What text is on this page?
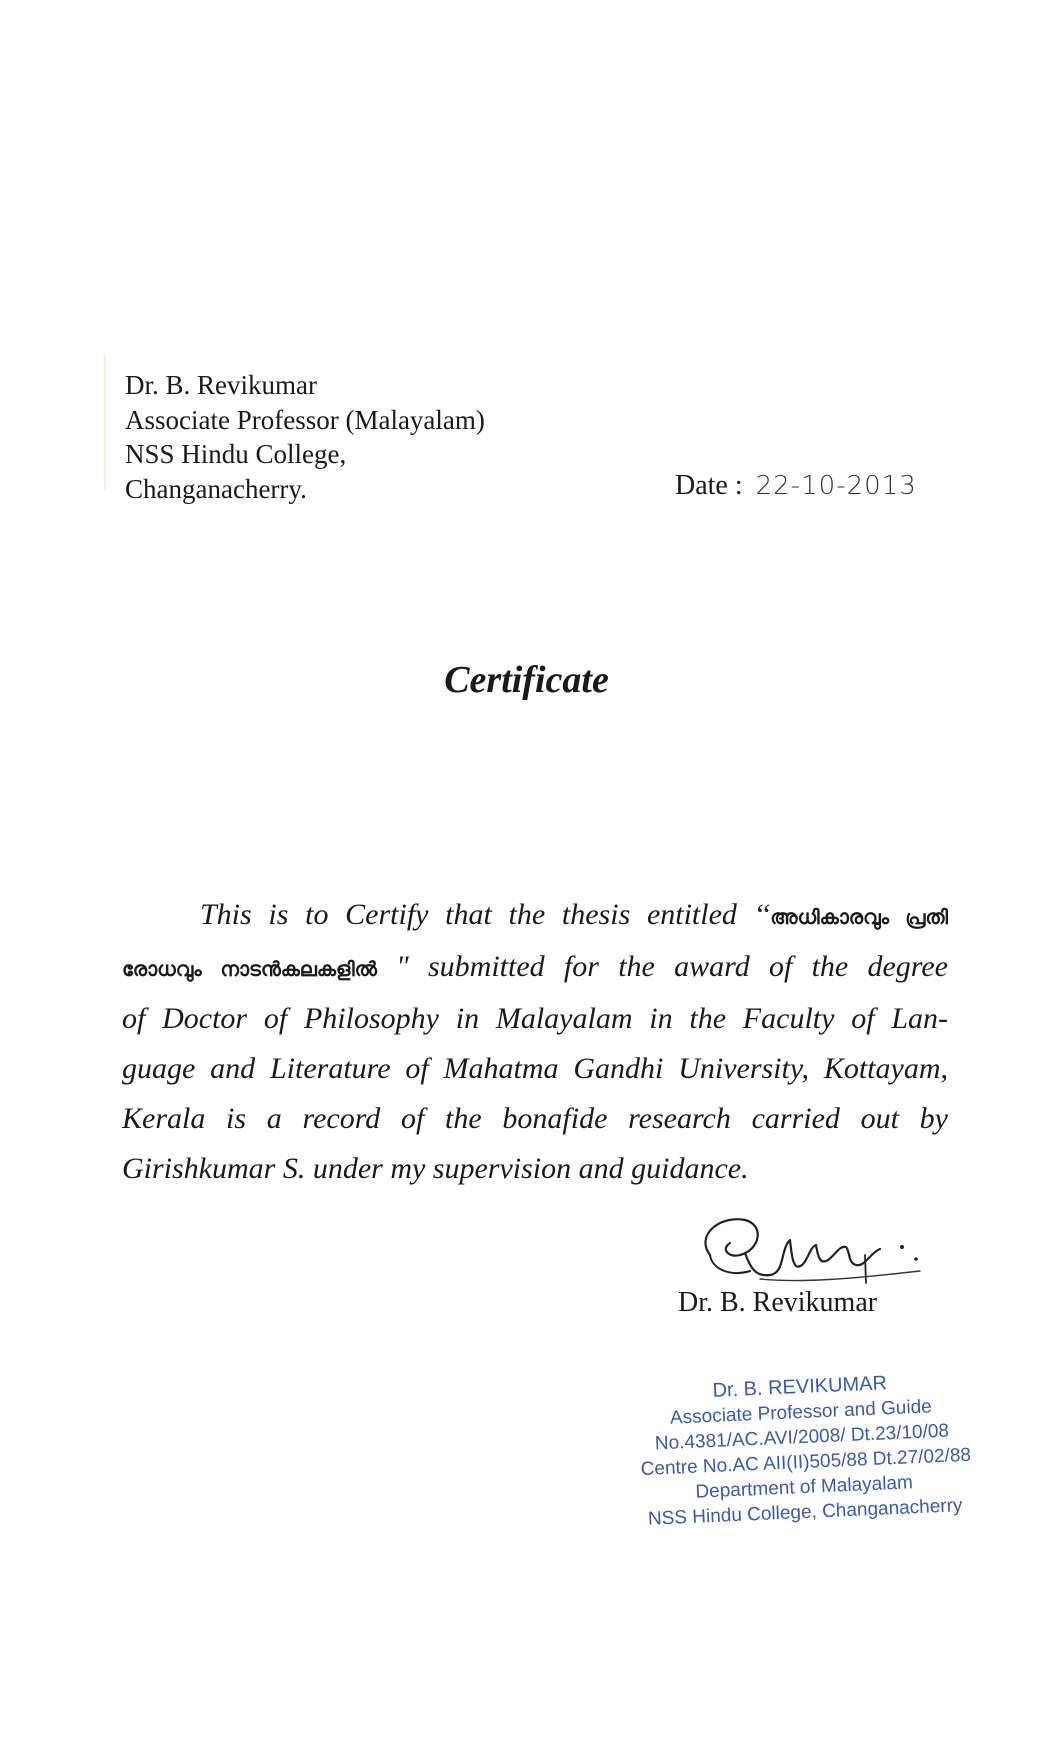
Dr. B. Revikumar
Associate Professor (Malayalam)
NSS Hindu College,
Changanacherry.	Date : 22-10-2013
Certificate
This is to Certify that the thesis entitled ‘‘അധികാരവും പ്രതി
രോധവും നാടൻകലകളിൽ " submitted for the award of the degree
of Doctor of Philosophy in Malayalam in the Faculty of Lan-
guage and Literature of Mahatma Gandhi University, Kottayam,
Kerala is a record of the bonafide research carried out by
Girishkumar S. under my supervision and guidance.
Dr. B. Revikumar
Dr. B. REVIKUMAR
Associate Professor and Guide
No.4381/AC.AVI/2008/ Dt.23/10/08
Centre No.AC AII(II)505/88 Dt.27/02/88
Department of Malayalam
NSS Hindu College, Changanacherry
